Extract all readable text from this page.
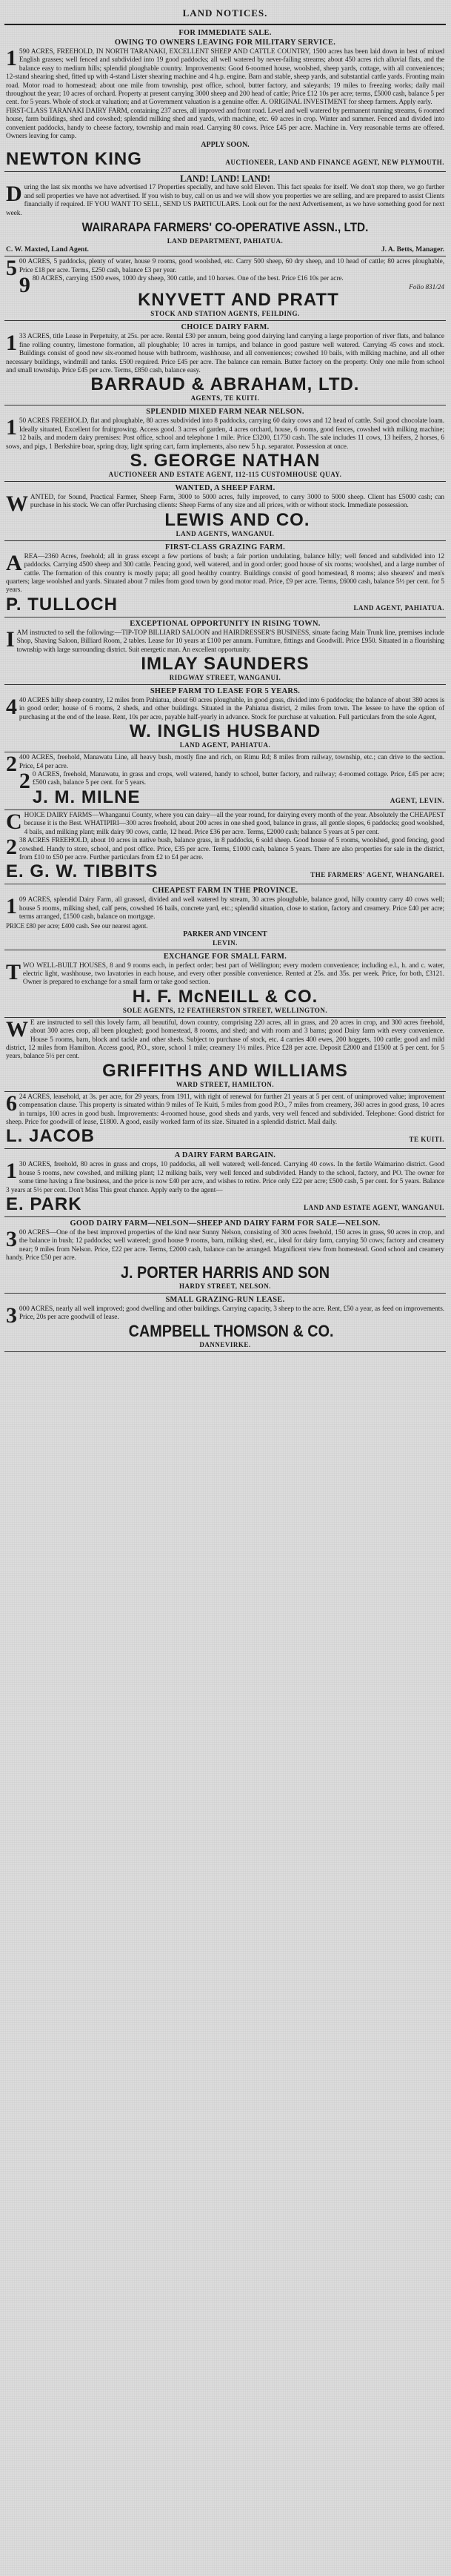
LAND NOTICES.
FOR IMMEDIATE SALE.
OWING TO OWNERS LEAVING FOR MILITARY SERVICE.
1590 ACRES, FREEHOLD, IN NORTH TARANAKI, EXCELLENT SHEEP AND CATTLE COUNTRY, 1500 acres has been laid down in best of mixed English grasses; well fenced and subdivided into 19 good paddocks; all well watered by never-failing streams; about 450 acres rich alluvial flats, and the balance easy to medium hills; splendid ploughable country. Improvements: Good 6-roomed house, woolshed, sheep yards, cottage, with all conveniences; 12-stand shearing shed, fitted up with 4-stand Lister shearing machine and 4 h.p. engine. Barn and stable, sheep yards, and substantial cattle yards. Fronting main road. Motor road to homestead; about one mile from township, post office, school, butter factory, and saleyards; 19 miles to freezing works; daily mail throughout the year; 10 acres of orchard. Property at present carrying 3000 sheep and 200 head of cattle; Price £12 10s per acre; terms, £5000 cash, balance 5 per cent. for 5 years. Whole of stock at valuation; and at Government valuation is a genuine offer. A. ORIGINAL INVESTMENT for sheep farmers. Apply early.
FIRST-CLASS TARANAKI DAIRY FARM, containing 237 acres, all improved and front road. Level and well watered by permanent running streams, 6 roomed house, farm buildings, shed and cowshed; splendid milking shed and yards, with machine, etc. 60 acres in crop. Winter and summer. Fenced and divided into convenient paddocks, handy to cheese factory, township and main road. Carrying 80 cows. Price £45 per acre. Machine in. Very reasonable terms are offered. Owners leaving for camp.
APPLY SOON.
NEWTON KING	AUCTIONEER, LAND AND FINANCE AGENT, NEW PLYMOUTH.
LAND! LAND! LAND!
During the last six months we have advertised 17 Properties specially, and have sold Eleven. This fact speaks for itself. We don't stop there, we go further and sell properties we have not advertised. If you wish to buy, call on us and we will show you properties we are selling, and are prepared to assist Clients financially if required. IF YOU WANT TO SELL, SEND US PARTICULARS. Look out for the next Advertisement, as we have something good for next week.
WAIRARAPA FARMERS' CO-OPERATIVE ASSN., LTD.
LAND DEPARTMENT, PAHIATUA.
C. W. Maxted, Land Agent.	J. A. Betts, Manager.
500 ACRES, 5 paddocks, plenty of water, house 9 rooms, good woolshed, etc. Carry 500 sheep, 60 dry sheep, and 10 head of cattle; 80 acres ploughable, Price £18 per acre. Terms, £250 cash, balance £3 per year.
980 ACRES, carrying 1500 ewes, 1000 dry sheep, 300 cattle, and 10 horses. One of the best. Price £16 10s per acre.
Folio 831/24
KNYVETT AND PRATT
STOCK AND STATION AGENTS, FEILDING.
CHOICE DAIRY FARM.
133 ACRES, title Lease in Perpetuity, at 25s. per acre. Rental £30 per annum, being good dairying land carrying a large proportion of river flats, and balance fine rolling country, limestone formation, all ploughable; 10 acres in turnips, and balance in good pasture well watered. Carrying 45 cows and stock. Buildings consist of good new six-roomed house with bathroom, washhouse, and all conveniences; cowshed 10 bails, with milking machine, and all other necessary buildings, windmill and tanks. £500 required. Price £45 per acre. The balance can remain. Butter factory on the property. Only one mile from school and small township. Price £45 per acre. Terms, £850 cash, balance easy.
BARRAUD & ABRAHAM, LTD.
AGENTS, TE KUITI.
SPLENDID MIXED FARM NEAR NELSON.
150 ACRES FREEHOLD, flat and ploughable, 80 acres subdivided into 8 paddocks, carrying 60 dairy cows and 12 head of cattle. Soil good chocolate loam. Ideally situated, Excellent for fruitgrowing. Access good. 3 acres of garden, 4 acres orchard, house, 6 rooms, good fences, cowshed with milking machine; 12 bails, and modern dairy premises: Post office, school and telephone 1 mile. Price £3200, £1750 cash. The sale includes 11 cows, 13 heifers, 2 horses, 6 sows, and pigs, 1 Berkshire boar, spring dray, light spring cart, farm implements, also new 5 h.p. separator. Possession at once.
S. GEORGE NATHAN
AUCTIONEER AND ESTATE AGENT, 112-115 CUSTOMHOUSE QUAY.
WANTED, A SHEEP FARM.
WANTED, for Sound, Practical Farmer, Sheep Farm, 3000 to 5000 acres, fully improved, to carry 3000 to 5000 sheep. Client has £5000 cash; can purchase in his stock. We can offer Purchasing clients: Sheep Farms of any size and all prices, with or without stock. Immediate possession.
LEWIS AND CO.
LAND AGENTS, WANGANUI.
FIRST-CLASS GRAZING FARM.
AREA—2360 Acres, freehold; all in grass except a few portions of bush; a fair portion undulating, balance hilly; well fenced and subdivided into 12 paddocks. Carrying 4500 sheep and 300 cattle. Fencing good, well watered, and in good order; good house of six rooms; woolshed, and a large number of cattle. The formation of this country is mostly papa; all good healthy country. Buildings consist of good homestead, 8 rooms; also shearers' and men's quarters; large woolshed and yards. Situated about 7 miles from good town by good motor road. Price, £9 per acre. Terms, £6000 cash, balance 5½ per cent. for 5 years.
P. TULLOCH	LAND AGENT, PAHIATUA.
EXCEPTIONAL OPPORTUNITY IN RISING TOWN.
IAM instructed to sell the following:—TIP-TOP BILLIARD SALOON and HAIRDRESSER'S BUSINESS, situate facing Main Trunk line, premises include Shop, Shaving Saloon, Billiard Room, 2 tables. Lease for 10 years at £100 per annum. Furniture, fittings and Goodwill. Price £950. Situated in a flourishing township with large surrounding district. Suit energetic man. An excellent opportunity.
IMLAY SAUNDERS
RIDGWAY STREET, WANGANUI.
SHEEP FARM TO LEASE FOR 5 YEARS.
440 ACRES hilly sheep country, 12 miles from Pahiatua, about 60 acres ploughable, in good grass, divided into 6 paddocks; the balance of about 380 acres is in good order; house of 6 rooms, 2 sheds, and other buildings. Situated in the Pahiatua district, 2 miles from town. The lessee to have the option of purchasing at the end of the lease. Rent, 10s per acre, payable half-yearly in advance. Stock for purchase at valuation. Full particulars from the sole Agent,
W. INGLIS HUSBAND
LAND AGENT, PAHIATUA.
2400 ACRES, freehold, Manawatu Line, all heavy bush, mostly fine and rich, on Rimu Rd; 8 miles from railway, township, etc.; can drive to the section. Price, £4 per acre.
20 ACRES, freehold, Manawatu, in grass and crops, well watered, handy to school, butter factory, and railway; 4-roomed cottage. Price, £45 per acre; £500 cash, balance 5 per cent. for 5 years.
J. M. MILNE	AGENT, LEVIN.
CHOICE DAIRY FARMS—Whanganui County, where you can dairy—all the year round, for dairying every month of the year. Absolutely the CHEAPEST because it is the Best. WHATIPIRI—300 acres freehold, about 200 acres in one shed good, balance in grass, all gentle slopes, 6 paddocks; good woolshed, 4 bails, and milking plant; milk dairy 90 cows, cattle, 12 head. Price £36 per acre. Terms, £2000 cash; balance 5 years at 5 per cent.
238 ACRES FREEHOLD, about 10 acres in native bush, balance grass, in 8 paddocks, 6 sold sheep. Good house of 5 rooms, woolshed, good fencing, good cowshed. Handy to store, school, and post office. Price, £35 per acre. Terms, £1000 cash, balance 5 years. There are also properties for sale in the district, from £10 to £50 per acre. Further particulars from £2 to £4 per acre.
E. G. W. TIBBITS	THE FARMERS' AGENT, WHANGAREI.
CHEAPEST FARM IN THE PROVINCE.
109 ACRES, splendid Dairy Farm, all grassed, divided and well watered by stream, 30 acres ploughable, balance good, hilly country carry 40 cows well; house 5 rooms, milking shed, calf pens, cowshed 16 bails, concrete yard, etc.; splendid situation, close to station, factory and creamery. Price £40 per acre; terms arranged, £1500 cash, balance on mortgage.
PRICE £80 per acre; £400 cash. See our nearest agent.
PARKER AND VINCENT
LEVIN.
EXCHANGE FOR SMALL FARM.
TWO WELL-BUILT HOUSES, 8 and 9 rooms each, in perfect order; best part of Wellington; every modern convenience; including e.l., h. and c. water, electric light, washhouse, two lavatories in each house, and every other possible convenience. Rented at 25s. and 35s. per week. Price, for both, £3121. Owner is prepared to exchange for a small farm or take good section.
H. F. McNEILL & CO.
SOLE AGENTS, 12 FEATHERSTON STREET, WELLINGTON.
WE are instructed to sell this lovely farm, all beautiful, down country, comprising 220 acres, all in grass, and 20 acres in crop, and 300 acres freehold, about 300 acres crop, all been ploughed; good homestead, 8 rooms, and shed; and with room and 3 barns; good Dairy farm with every convenience. House 5 rooms, barn, block and tackle and other sheds. Subject to purchase of stock, etc. 4 carries 400 ewes, 200 hoggets, 100 cattle; good and mild district, 12 miles from Hamilton. Access good, P.O., store, school 1 mile; creamery 1½ miles. Price £28 per acre. Deposit £2000 and £1500 at 5 per cent. for 5 years, balance 5½ per cent.
GRIFFITHS AND WILLIAMS
WARD STREET, HAMILTON.
624 ACRES, leasehold, at 3s. per acre, for 29 years, from 1911, with right of renewal for further 21 years at 5 per cent. of unimproved value; improvement compensation clause. This property is situated within 9 miles of Te Kuiti, 5 miles from good P.O., 7 miles from creamery, 360 acres in good grass, 10 acres in turnips, 100 acres in good bush. Improvements: 4-roomed house, good sheds and yards, very well fenced and subdivided. Telephone: Good district for sheep. Price for goodwill of lease, £1800. A good, easily worked farm of its size. Situated in a splendid district. Mail daily.
L. JACOB	TE KUITI.
A DAIRY FARM BARGAIN.
130 ACRES, freehold, 80 acres in grass and crops, 10 paddocks, all well watered; well-fenced. Carrying 40 cows. In the fertile Waimarino district. Good house 5 rooms, new cowshed, and milking plant; 12 milking bails, very well fenced and subdivided. Handy to the school, factory, and PO. The owner for some time having a fine business, and the price is now £40 per acre, and wishes to retire. Price only £22 per acre; £500 cash, 5 per cent. for 5 years. Balance 3 years at 5½ per cent. Don't Miss This great chance. Apply early to the agent—
E. PARK	LAND AND ESTATE AGENT, WANGANUI.
GOOD DAIRY FARM—NELSON—SHEEP AND DAIRY FARM FOR SALE—NELSON.
300 ACRES—One of the best improved properties of the kind near Sunny Nelson, consisting of 300 acres freehold, 150 acres in grass, 90 acres in crop, and the balance in bush; 12 paddocks; well watered; good house 9 rooms, barn, milking shed, etc., ideal for dairy farm, carrying 50 cows; factory and creamery near; 9 miles from Nelson. Price, £22 per acre. Terms, £2000 cash, balance can be arranged. Magnificent view from homestead. Good school and creamery handy. Price £50 per acre.
J. PORTER HARRIS AND SON
HARDY STREET, NELSON.
SMALL GRAZING-RUN LEASE.
3000 ACRES, nearly all well improved; good dwelling and other buildings. Carrying capacity, 3 sheep to the acre. Rent, £50 a year, as feed on improvements. Price, 20s per acre goodwill of lease.
CAMPBELL THOMSON & CO.
DANNEVIRKE.
